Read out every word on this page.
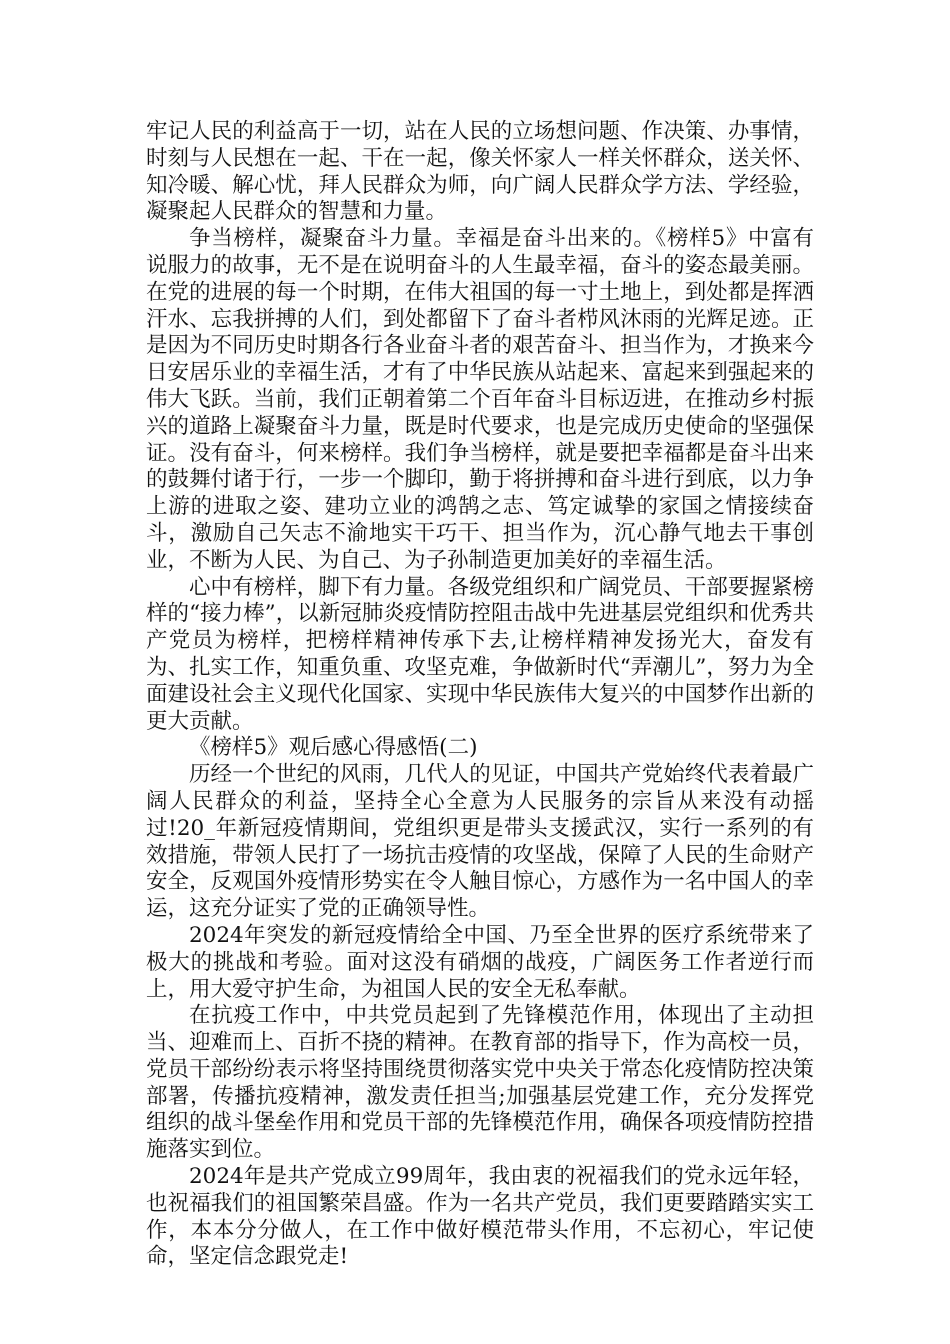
牢记人民的利益高于一切，站在人民的立场想问题、作决策、办事情，时刻与人民想在一起、干在一起，像关怀家人一样关怀群众，送关怀、知冷暖、解心忧，拜人民群众为师，向广阔人民群众学方法、学经验，凝聚起人民群众的智慧和力量。

争当榜样，凝聚奋斗力量。幸福是奋斗出来的。《榜样5》中富有说服力的故事，无不是在说明奋斗的人生最幸福，奋斗的姿态最美丽。在党的进展的每一个时期，在伟大祖国的每一寸土地上，到处都是挥洒汗水、忘我拼搏的人们，到处都留下了奋斗者栉风沐雨的光辉足迹。正是因为不同历史时期各行各业奋斗者的艰苦奋斗、担当作为，才换来今日安居乐业的幸福生活，才有了中华民族从站起来、富起来到强起来的伟大飞跃。当前，我们正朝着第二个百年奋斗目标迈进，在推动乡村振兴的道路上凝聚奋斗力量，既是时代要求，也是完成历史使命的坚强保证。没有奋斗，何来榜样。我们争当榜样，就是要把幸福都是奋斗出来的鼓舞付诸于行，一步一个脚印，勤于将拼搏和奋斗进行到底，以力争上游的进取之姿、建功立业的鸿鹄之志、笃定诚挚的家国之情接续奋斗，激励自己矢志不渝地实干巧干、担当作为，沉心静气地去干事创业，不断为人民、为自己、为子孙制造更加美好的幸福生活。

心中有榜样，脚下有力量。各级党组织和广阔党员、干部要握紧榜样的“接力棒”，以新冠肺炎疫情防控阻击战中先进基层党组织和优秀共产党员为榜样，把榜样精神传承下去,让榜样精神发扬光大，奋发有为、扎实工作，知重负重、攻坚克难，争做新时代“弄潮儿”，努力为全面建设社会主义现代化国家、实现中华民族伟大复兴的中国梦作出新的更大贡献。

《榜样5》观后感心得感悟(二)

历经一个世纪的风雨，几代人的见证，中国共产党始终代表着最广阔人民群众的利益，坚持全心全意为人民服务的宗旨从来没有动摇过!20_年新冠疫情期间，党组织更是带头支援武汉，实行一系列的有效措施，带领人民打了一场抗击疫情的攻坚战，保障了人民的生命财产安全，反观国外疫情形势实在令人触目惊心，方感作为一名中国人的幸运，这充分证实了党的正确领导性。

2024年突发的新冠疫情给全中国、乃至全世界的医疗系统带来了极大的挑战和考验。面对这没有硝烟的战疫，广阔医务工作者逆行而上，用大爱守护生命，为祖国人民的安全无私奉献。

在抗疫工作中，中共党员起到了先锋模范作用，体现出了主动担当、迎难而上、百折不挠的精神。在教育部的指导下，作为高校一员，党员干部纷纷表示将坚持围绕贯彻落实党中央关于常态化疫情防控决策部署，传播抗疫精神，激发责任担当;加强基层党建工作，充分发挥党组织的战斗堡垒作用和党员干部的先锋模范作用，确保各项疫情防控措施落实到位。

2024年是共产党成立99周年，我由衷的祝福我们的党永远年轻，也祝福我们的祖国繁荣昌盛。作为一名共产党员，我们更要踏踏实实工作，本本分分做人，在工作中做好模范带头作用，不忘初心，牢记使命，坚定信念跟党走!
